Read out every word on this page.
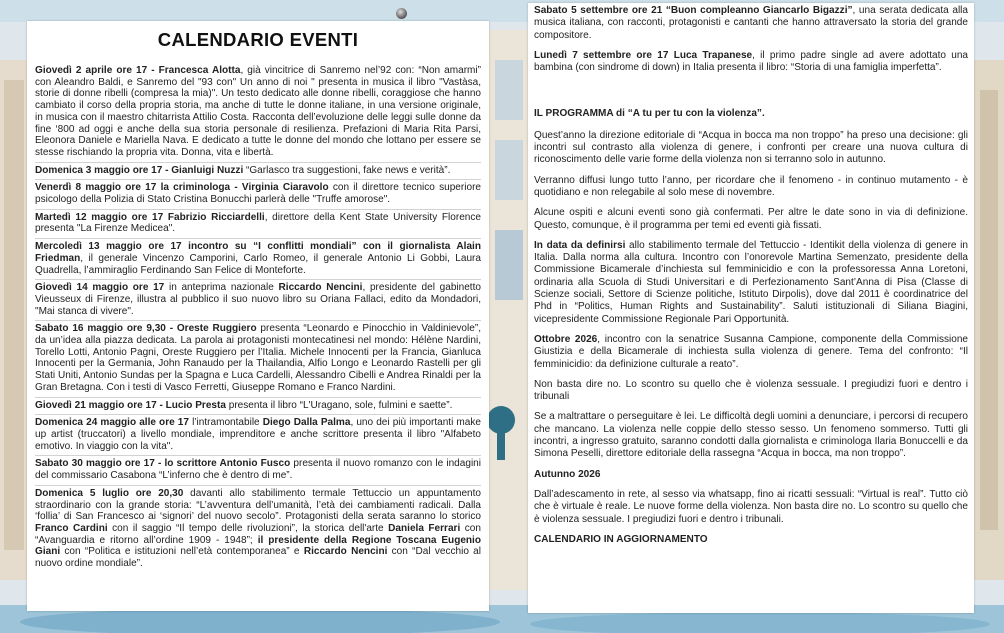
CALENDARIO EVENTI

Giovedì 2 aprile ore 17 - Francesca Alotta, già vincitrice di Sanremo nel’92 con: “Non amarmi” con Aleandro Baldi, e Sanremo del "93 con" Un anno di noi " presenta in musica il libro "Vastàsa, storie di donne ribelli (compresa la mia)". Un testo dedicato alle donne ribelli, coraggiose che hanno cambiato il corso della propria storia, ma anche di tutte le donne italiane, in una versione originale, in musica con il maestro chitarrista Attilio Costa. Racconta dell’evoluzione delle leggi sulle donne da fine ‘800 ad oggi e anche della sua storia personale di resilienza. Prefazioni di Maria Rita Parsi, Eleonora Daniele e Mariella Nava. E dedicato a tutte le donne del mondo che lottano per essere se stesse rischiando la propria vita. Donna, vita e libertà.

Domenica 3 maggio ore 17 - Gianluigi Nuzzi “Garlasco tra suggestioni, fake news e verità”.

Venerdì 8 maggio ore 17 la criminologa - Virginia Ciaravolo con il direttore tecnico superiore psicologo della Polizia di Stato Cristina Bonucchi parlerà delle "Truffe amorose".

Martedì 12 maggio ore 17 Fabrizio Ricciardelli, direttore della Kent State University Florence presenta "La Firenze Medicea".

Mercoledì 13 maggio ore 17 incontro su “I conflitti mondiali” con il giornalista Alain Friedman, il generale Vincenzo Camporini, Carlo Romeo, il generale Antonio Li Gobbi, Laura Quadrella, l’ammiraglio Ferdinando San Felice di Monteforte.

Giovedì 14 maggio ore 17 in anteprima nazionale Riccardo Nencini, presidente del gabinetto Vieusseux di Firenze, illustra al pubblico il suo nuovo libro su Oriana Fallaci, edito da Mondadori, "Mai stanca di vivere".

Sabato 16 maggio ore 9,30 - Oreste Ruggiero presenta “Leonardo e Pinocchio in Valdinievole”, da un’idea alla piazza dedicata. La parola ai protagonisti montecatinesi nel mondo: Hélène Nardini, Torello Lotti, Antonio Pagni, Oreste Ruggiero per l’Italia. Michele Innocenti per la Francia, Gianluca Innocenti per la Germania, John Ranaudo per la Thailandia, Alfio Longo e Leonardo Rastelli per gli Stati Uniti, Antonio Sundas per la Spagna e Luca Cardelli, Alessandro Cibelli e Andrea Rinaldi per la Gran Bretagna. Con i testi di Vasco Ferretti, Giuseppe Romano e Franco Nardini.

Giovedì 21 maggio ore 17 - Lucio Presta presenta il libro “L'Uragano, sole, fulmini e saette”.

Domenica 24 maggio alle ore 17 l’intramontabile Diego Dalla Palma, uno dei più importanti make up artist (truccatori) a livello mondiale, imprenditore e anche scrittore presenta il libro "Alfabeto emotivo. In viaggio con la vita".

Sabato 30 maggio ore 17 - lo scrittore Antonio Fusco presenta il nuovo romanzo con le indagini del commissario Casabona “L’inferno che è dentro di me”.

Domenica 5 luglio ore 20,30 davanti allo stabilimento termale Tettuccio un appuntamento straordinario con la grande storia: “L’avventura dell’umanità, l’età dei cambiamenti radicali. Dalla ‘follia’ di San Francesco ai ‘signori’ del nuovo secolo”. Protagonisti della serata saranno lo storico Franco Cardini con il saggio “Il tempo delle rivoluzioni”, la storica dell'arte Daniela Ferrari con “Avanguardia e ritorno all’ordine 1909 - 1948”; il presidente della Regione Toscana Eugenio Giani con “Politica e istituzioni nell’età contemporanea” e Riccardo Nencini con “Dal vecchio al nuovo ordine mondiale”.

Sabato 5 settembre ore 21 “Buon compleanno Giancarlo Bigazzi”, una serata dedicata alla musica italiana, con racconti, protagonisti e cantanti che hanno attraversato la storia del grande compositore.

Lunedì 7 settembre ore 17 Luca Trapanese, il primo padre single ad avere adottato una bambina (con sindrome di down) in Italia presenta il libro: “Storia di una famiglia imperfetta”.

IL PROGRAMMA di “A tu per tu con la violenza”.

Quest’anno la direzione editoriale di “Acqua in bocca ma non troppo” ha preso una decisione: gli incontri sul contrasto alla violenza di genere, i confronti per creare una nuova cultura di riconoscimento delle varie forme della violenza non si terranno solo in autunno.

Verranno diffusi lungo tutto l’anno, per ricordare che il fenomeno - in continuo mutamento - è quotidiano e non relegabile al solo mese di novembre.

Alcune ospiti e alcuni eventi sono già confermati. Per altre le date sono in via di definizione. Questo, comunque, è il programma per temi ed eventi già fissati.

In data da definirsi allo stabilimento termale del Tettuccio - Identikit della violenza di genere in Italia. Dalla norma alla cultura. Incontro con l’onorevole Martina Semenzato, presidente della Commissione Bicamerale d’inchiesta sul femminicidio e con la professoressa Anna Loretoni, ordinaria alla Scuola di Studi Universitari e di Perfezionamento Sant’Anna di Pisa (Classe di Scienze sociali, Settore di Scienze politiche, Istituto Dirpolis), dove dal 2011 è coordinatrice del Phd in “Politics, Human Rights and Sustainability”. Saluti istituzionali di Siliana Biagini, vicepresidente Commissione Regionale Pari Opportunità.

Ottobre 2026, incontro con la senatrice Susanna Campione, componente della Commissione Giustizia e della Bicamerale di inchiesta sulla violenza di genere. Tema del confronto: “Il femminicidio: da definizione culturale a reato”.

Non basta dire no. Lo scontro su quello che è violenza sessuale. I pregiudizi fuori e dentro i tribunali

Se a maltrattare o perseguitare è lei. Le difficoltà degli uomini a denunciare, i percorsi di recupero che mancano. La violenza nelle coppie dello stesso sesso. Un fenomeno sommerso. Tutti gli incontri, a ingresso gratuito, saranno condotti dalla giornalista e criminologa Ilaria Bonuccelli e da Simona Peselli, direttore editoriale della rassegna “Acqua in bocca, ma non troppo”.

Autunno 2026

Dall’adescamento in rete, al sesso via whatsapp, fino ai ricatti sessuali: “Virtual is real”. Tutto ciò che è virtuale è reale. Le nuove forme della violenza. Non basta dire no. Lo scontro su quello che è violenza sessuale. I pregiudizi fuori e dentro i tribunali.

CALENDARIO IN AGGIORNAMENTO
